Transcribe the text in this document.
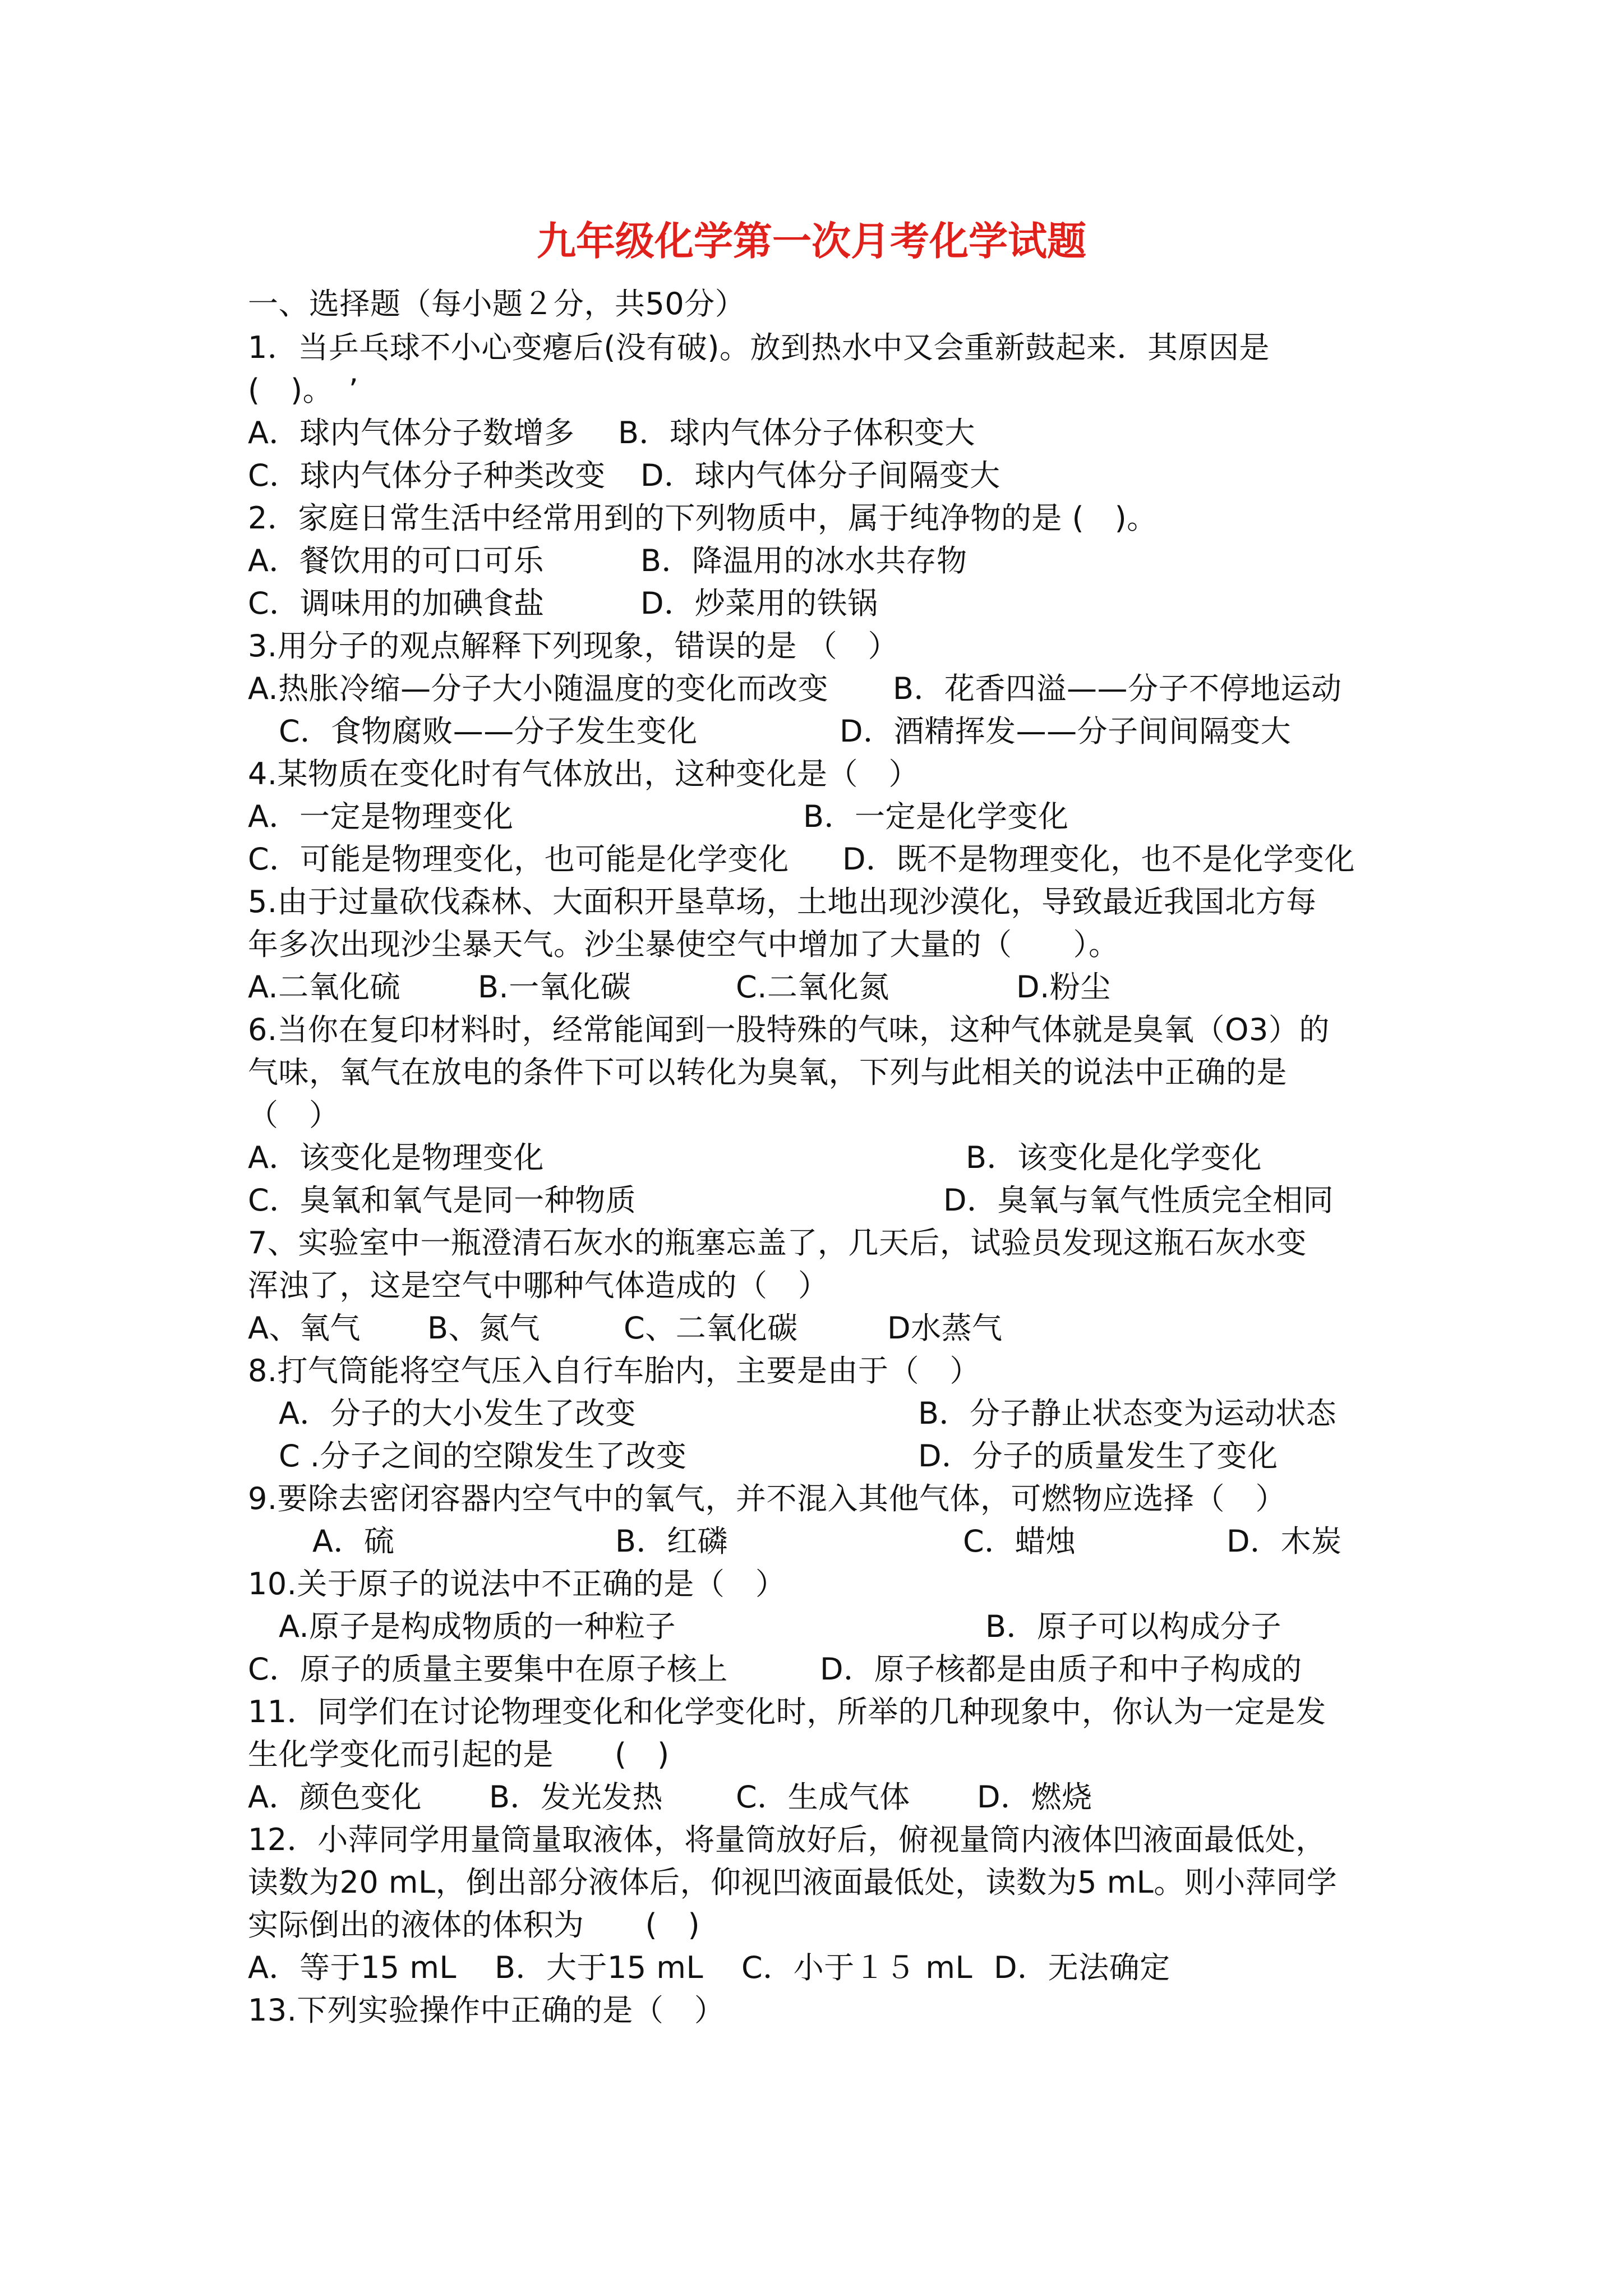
九年级化学第一次月考化学试题
一、选择题（每小题２分，共50分）
1．当乒乓球不小心变瘪后(没有破)。放到热水中又会重新鼓起来．其原因是
(　)。　’

A．球内气体分子数增多

B．球内气体分子体积变大

C．球内气体分子种类改变

D．球内气体分子间隔变大

2．家庭日常生活中经常用到的下列物质中，属于纯净物的是 (　)。

A．餐饮用的可口可乐

	B．降温用的冰水共存物

C．调味用的加碘食盐

	D．炒菜用的铁锅

3.用分子的观点解释下列现象，错误的是 （　）

A.热胀冷缩—分子大小随温度的变化而改变

B．花香四溢——分子不停地运动

C．食物腐败——分子发生变化

	D．酒精挥发——分子间间隔变大

4.某物质在变化时有气体放出，这种变化是（　）

A．一定是物理变化

	B．一定是化学变化

C．可能是物理变化，也可能是化学变化

D．既不是物理变化，也不是化学变化

5.由于过量砍伐森林、大面积开垦草场，土地出现沙漠化，导致最近我国北方每
年多次出现沙尘暴天气。沙尘暴使空气中增加了大量的（　　）。

A.二氧化硫

	B.一氧化碳

	C.二氧化氮

	D.粉尘

6.当你在复印材料时，经常能闻到一股特殊的气味，这种气体就是臭氧（O3）的
气味，氧气在放电的条件下可以转化为臭氧，下列与此相关的说法中正确的是
（　）

A．该变化是物理变化

	B．该变化是化学变化

C．臭氧和氧气是同一种物质

	D．臭氧与氧气性质完全相同

7、实验室中一瓶澄清石灰水的瓶塞忘盖了，几天后，试验员发现这瓶石灰水变
浑浊了，这是空气中哪种气体造成的（　）

A、氧气

B、氮气

	C、二氧化碳

	D水蒸气

8.打气筒能将空气压入自行车胎内，主要是由于（　）

A．分子的大小发生了改变

	B．分子静止状态变为运动状态

C .分子之间的空隙发生了改变

	D．分子的质量发生了变化

9.要除去密闭容器内空气中的氧气，并不混入其他气体，可燃物应选择（　）

A．硫

	B．红磷

	C．蜡烛

	D．木炭

10.关于原子的说法中不正确的是（　）

A.原子是构成物质的一种粒子

	B．原子可以构成分子

C．原子的质量主要集中在原子核上

	D．原子核都是由质子和中子构成的

11．同学们在讨论物理变化和化学变化时，所举的几种现象中，你认为一定是发
生化学变化而引起的是　　(　)

A．颜色变化

B．发光发热

C．生成气体

D．燃烧

12．小萍同学用量筒量取液体，将量筒放好后，俯视量筒内液体凹液面最低处，
读数为20 mL，倒出部分液体后，仰视凹液面最低处，读数为5 mL。则小萍同学
实际倒出的液体的体积为　　(　)

A．等于15 mL

B．大于15 mL

C．小于１５ mL

D．无法确定

13.下列实验操作中正确的是（　）
